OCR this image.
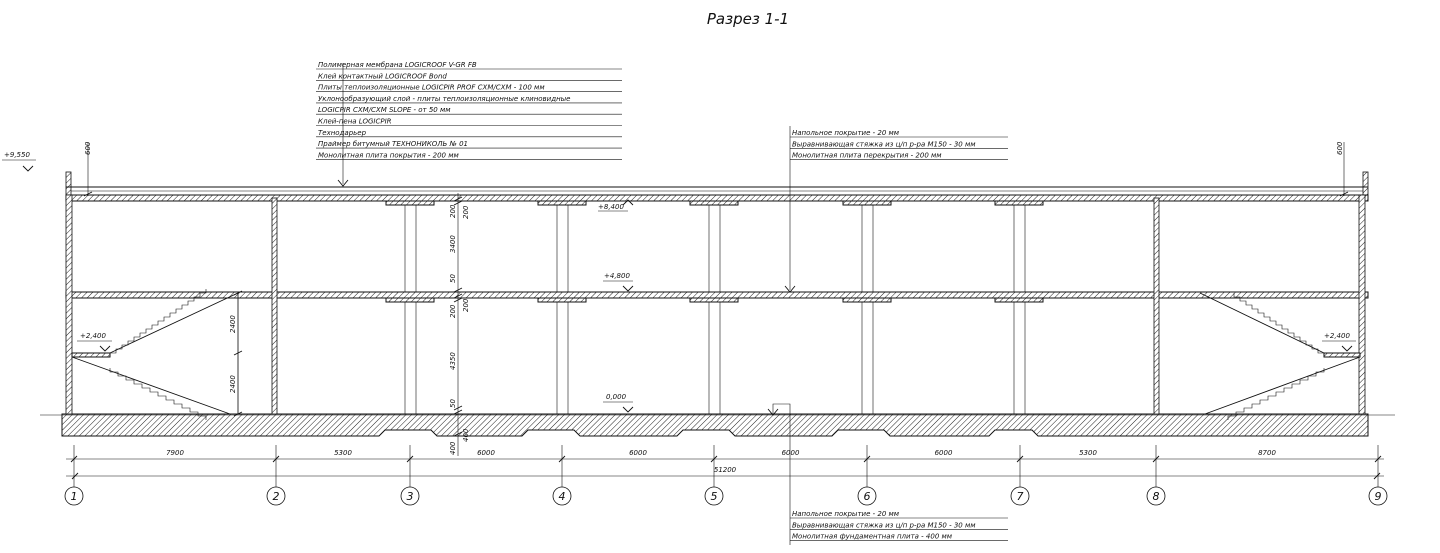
Разрез 1-1
Полимерная мембрана LOGICROOF V-GR FB
Клей контактный LOGICROOF Bond
Плиты теплоизоляционные LOGICPIR PROF CXM/CXM - 100 мм
Уклонообразующий слой - плиты теплоизоляционные клиновидные
LOGICPIR CXM/CXM SLOPE - от 50 мм
Клей-пена LOGICPIR
Технодарьер
Праймер битумный ТЕХНОНИКОЛЬ № 01
Монолитная плита покрытия - 200 мм
Напольное покрытие - 20 мм
Выравнивающая стяжка из ц/п р-ра М150 - 30 мм
Монолитная плита перекрытия - 200 мм
Напольное покрытие - 20 мм
Выравнивающая стяжка из ц/п р-ра М150 - 30 мм
Монолитная фундаментная плита - 400 мм
+9,550
+8,400
+4,800
+2,400	+2,400
0,000
600	600
200 200
3400
50
200 200
4350
50
400
400
2400
2400
7900	5300	6000	6000	6000	6000	5300	8700
51200
1	2	3	4	5	6	7	8	9
